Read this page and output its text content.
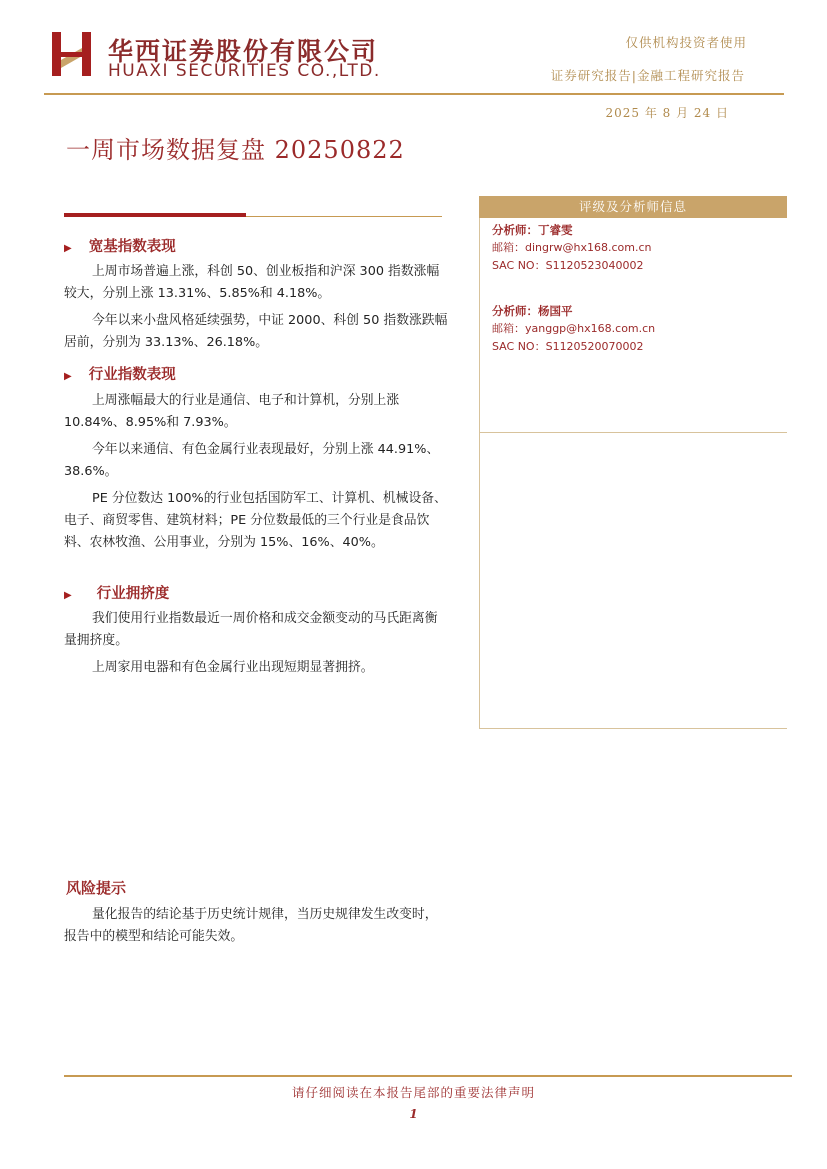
华西证券股份有限公司
HUAXI SECURITIES CO.,LTD.
仅供机构投资者使用
证券研究报告|金融工程研究报告
2025 年 8 月 24 日
一周市场数据复盘 20250822
▶ 宽基指数表现
上周市场普遍上涨，科创 50、创业板指和沪深 300 指数涨幅较大，分别上涨 13.31%、5.85%和 4.18%。
今年以来小盘风格延续强势，中证 2000、科创 50 指数涨跌幅居前，分别为 33.13%、26.18%。
▶ 行业指数表现
上周涨幅最大的行业是通信、电子和计算机，分别上涨 10.84%、8.95%和 7.93%。
今年以来通信、有色金属行业表现最好，分别上涨 44.91%、38.6%。
PE 分位数达 100%的行业包括国防军工、计算机、机械设备、电子、商贸零售、建筑材料；PE 分位数最低的三个行业是食品饮料、农林牧渔、公用事业，分别为 15%、16%、40%。
▶ 行业拥挤度
我们使用行业指数最近一周价格和成交金额变动的马氏距离衡量拥挤度。
上周家用电器和有色金属行业出现短期显著拥挤。
评级及分析师信息
分析师：丁睿雯
邮箱：dingrw@hx168.com.cn
SAC NO：S1120523040002
分析师：杨国平
邮箱：yanggp@hx168.com.cn
SAC NO：S1120520070002
风险提示
量化报告的结论基于历史统计规律，当历史规律发生改变时，报告中的模型和结论可能失效。
请仔细阅读在本报告尾部的重要法律声明
1
